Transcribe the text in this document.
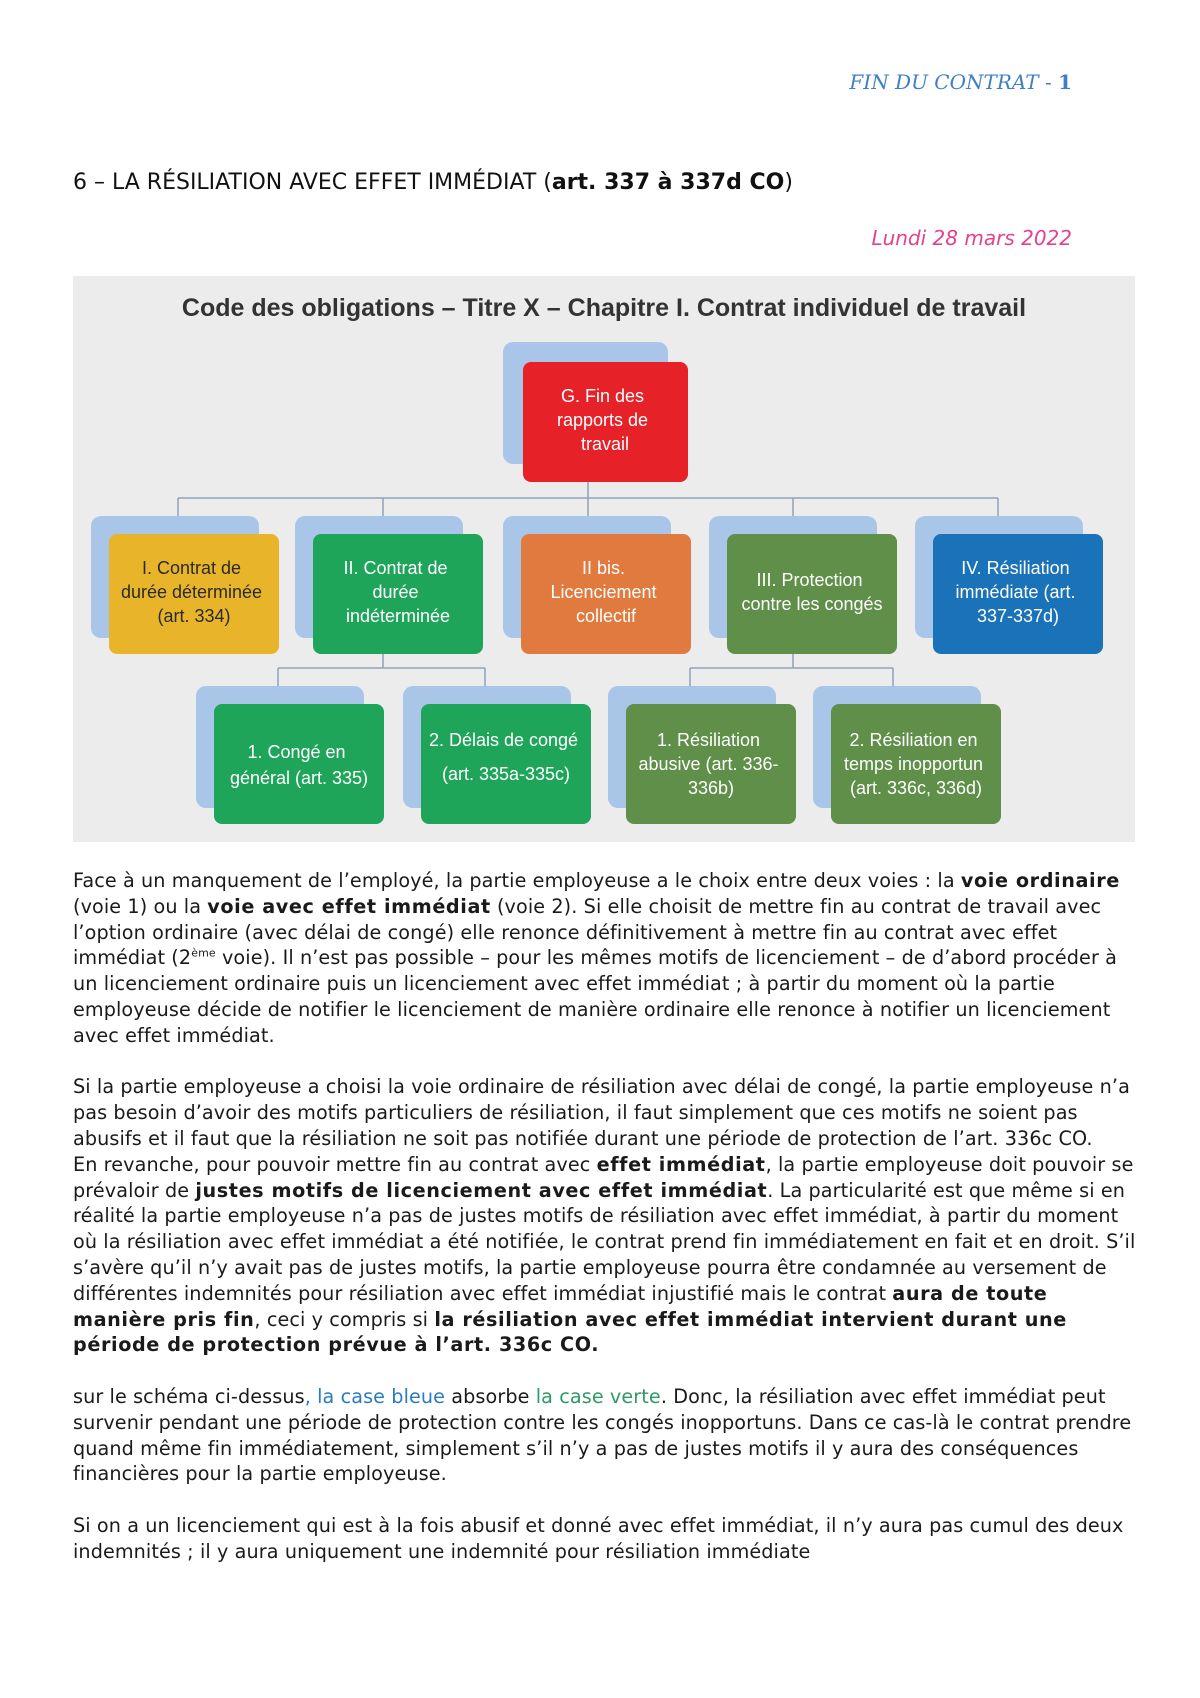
FIN DU CONTRAT - 1
6 – LA RÉSILIATION AVEC EFFET IMMÉDIAT (art. 337 à 337d CO)
Lundi 28 mars 2022
Code des obligations – Titre X – Chapitre I. Contrat individuel de travail
G. Fin des rapports de travail
I. Contrat de durée déterminée (art. 334)
II. Contrat de durée indéterminée
II bis. Licenciement collectif
III. Protection contre les congés
IV. Résiliation immédiate (art. 337-337d)
1. Congé en général (art. 335)
2. Délais de congé (art. 335a-335c)
1. Résiliation abusive (art. 336- 336b)
2. Résiliation en temps inopportun (art. 336c, 336d)

Face à un manquement de l’employé, la partie employeuse a le choix entre deux voies : la voie ordinaire (voie 1) ou la voie avec effet immédiat (voie 2). Si elle choisit de mettre fin au contrat de travail avec l’option ordinaire (avec délai de congé) elle renonce définitivement à mettre fin au contrat avec effet immédiat (2ème voie). Il n’est pas possible – pour les mêmes motifs de licenciement – de d’abord procéder à un licenciement ordinaire puis un licenciement avec effet immédiat ; à partir du moment où la partie employeuse décide de notifier le licenciement de manière ordinaire elle renonce à notifier un licenciement avec effet immédiat.

Si la partie employeuse a choisi la voie ordinaire de résiliation avec délai de congé, la partie employeuse n’a pas besoin d’avoir des motifs particuliers de résiliation, il faut simplement que ces motifs ne soient pas abusifs et il faut que la résiliation ne soit pas notifiée durant une période de protection de l’art. 336c CO.

En revanche, pour pouvoir mettre fin au contrat avec effet immédiat, la partie employeuse doit pouvoir se prévaloir de justes motifs de licenciement avec effet immédiat. La particularité est que même si en réalité la partie employeuse n’a pas de justes motifs de résiliation avec effet immédiat, à partir du moment où la résiliation avec effet immédiat a été notifiée, le contrat prend fin immédiatement en fait et en droit. S’il s’avère qu’il n’y avait pas de justes motifs, la partie employeuse pourra être condamnée au versement de différentes indemnités pour résiliation avec effet immédiat injustifié mais le contrat aura de toute manière pris fin, ceci y compris si la résiliation avec effet immédiat intervient durant une période de protection prévue à l’art. 336c CO.

sur le schéma ci-dessus, la case bleue absorbe la case verte. Donc, la résiliation avec effet immédiat peut survenir pendant une période de protection contre les congés inopportuns. Dans ce cas-là le contrat prendre quand même fin immédiatement, simplement s’il n’y a pas de justes motifs il y aura des conséquences financières pour la partie employeuse.

Si on a un licenciement qui est à la fois abusif et donné avec effet immédiat, il n’y aura pas cumul des deux indemnités ; il y aura uniquement une indemnité pour résiliation immédiate
